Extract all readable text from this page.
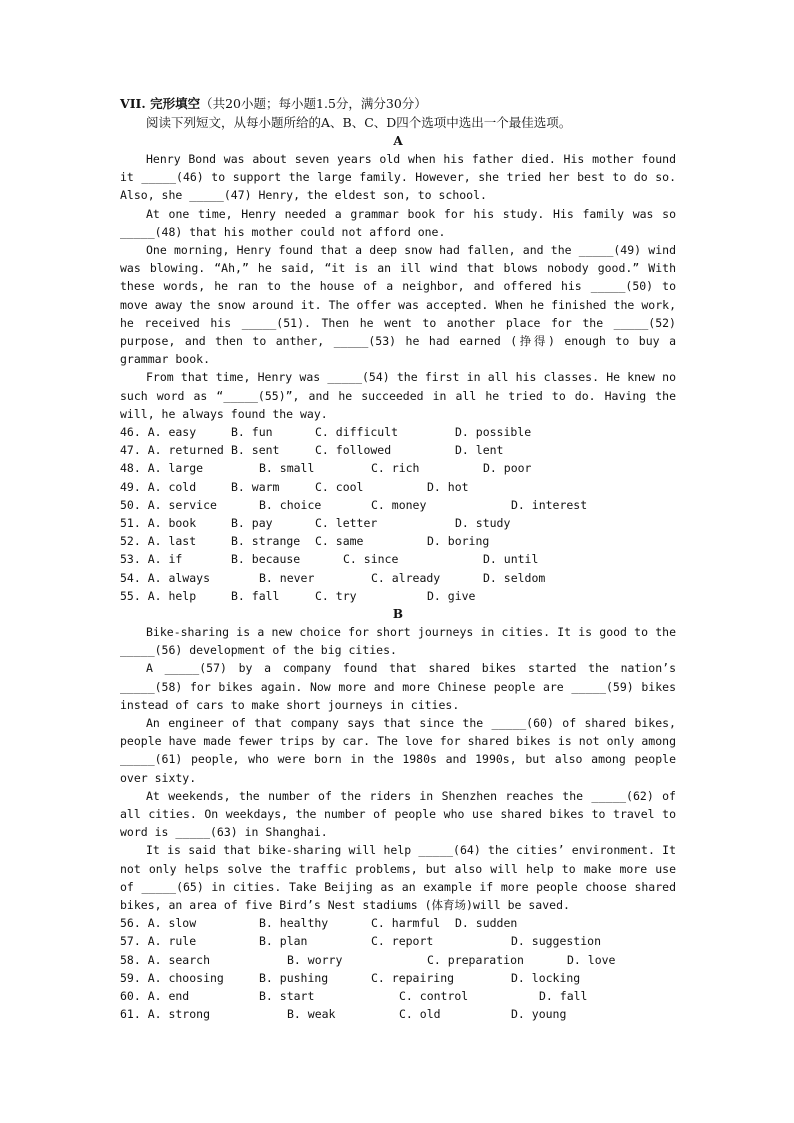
VII. 完形填空（共20小题；每小题1.5分，满分30分）
阅读下列短文，从每小题所给的A、B、C、D四个选项中选出一个最佳选项。
A
Henry Bond was about seven years old when his father died. His mother found it _____(46) to support the large family. However, she tried her best to do so. Also, she _____(47) Henry, the eldest son, to school.
At one time, Henry needed a grammar book for his study. His family was so _____(48) that his mother could not afford one.
One morning, Henry found that a deep snow had fallen, and the _____(49) wind was blowing. “Ah,” he said, “it is an ill wind that blows nobody good.” With these words, he ran to the house of a neighbor, and offered his _____(50) to move away the snow around it. The offer was accepted. When he finished the work, he received his _____(51). Then he went to another place for the _____(52) purpose, and then to anther, _____(53) he had earned (挣得) enough to buy a grammar book.
From that time, Henry was _____(54) the first in all his classes. He knew no such word as “_____(55)”, and he succeeded in all he tried to do. Having the will, he always found the way.
46. A. easy	B. fun	C. difficult	D. possible
47. A. returned B. sent	C. followed	D. lent
48. A. large	B. small	C. rich	D. poor
49. A. cold	B. warm	C. cool	D. hot
50. A. service	B. choice	C. money	D. interest
51. A. book	B. pay	C. letter	D. study
52. A. last	B. strange C. same	D. boring
53. A. if	B. because	C. since	D. until
54. A. always	B. never	C. already	D. seldom
55. A. help	B. fall	C. try	D. give
B
Bike-sharing is a new choice for short journeys in cities. It is good to the _____(56) development of the big cities.
A _____(57) by a company found that shared bikes started the nation’s _____(58) for bikes again. Now more and more Chinese people are _____(59) bikes instead of cars to make short journeys in cities.
An engineer of that company says that since the _____(60) of shared bikes, people have made fewer trips by car. The love for shared bikes is not only among _____(61) people, who were born in the 1980s and 1990s, but also among people over sixty.
At weekends, the number of the riders in Shenzhen reaches the _____(62) of all cities. On weekdays, the number of people who use shared bikes to travel to word is _____(63) in Shanghai.
It is said that bike-sharing will help _____(64) the cities’ environment. It not only helps solve the traffic problems, but also will help to make more use of _____(65) in cities. Take Beijing as an example if more people choose shared bikes, an area of five Bird’s Nest stadiums (体育场)will be saved.
56. A. slow	B. healthy	C. harmful D. sudden
57. A. rule	B. plan	C. report	D. suggestion
58. A. search	B. worry	C. preparation	D. love
59. A. choosing	B. pushing	C. repairing	D. locking
60. A. end	B. start	C. control	D. fall
61. A. strong	B. weak	C. old	D. young
